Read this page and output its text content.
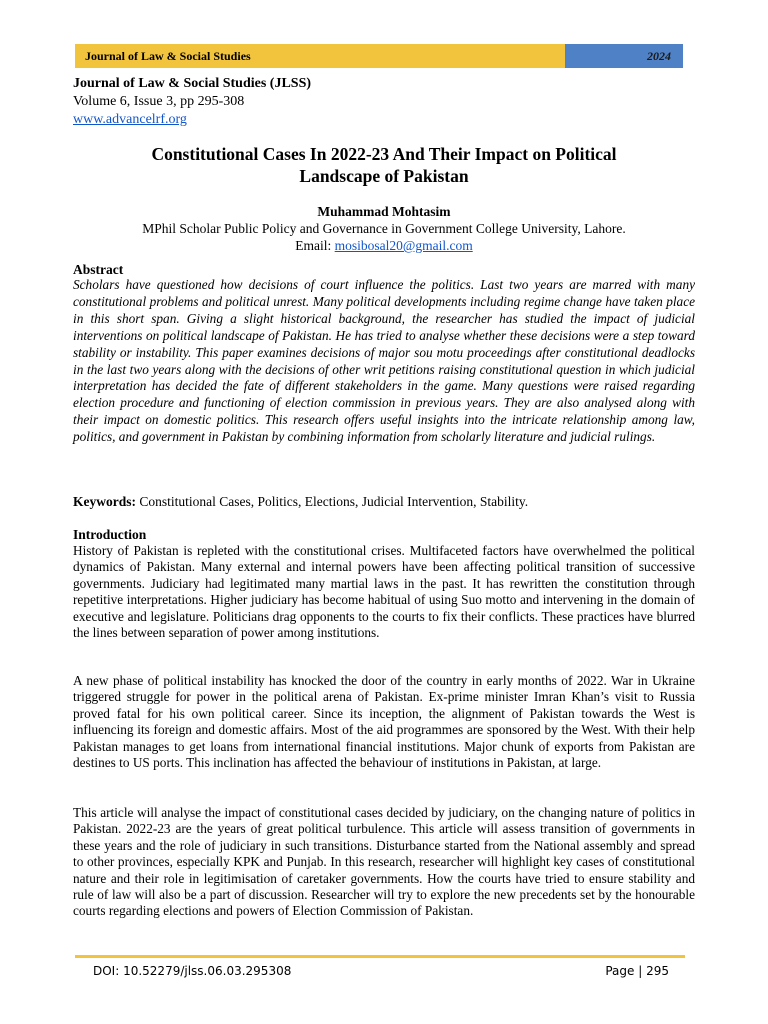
Journal of Law & Social Studies	2024
Journal of Law & Social Studies (JLSS)
Volume 6, Issue 3, pp 295-308
www.advancelrf.org
Constitutional Cases In 2022-23 And Their Impact on Political
Landscape of Pakistan
Muhammad Mohtasim
MPhil Scholar Public Policy and Governance in Government College University, Lahore.
Email: mosibosal20@gmail.com
Abstract
Scholars have questioned how decisions of court influence the politics. Last two years are marred with many constitutional problems and political unrest. Many political developments including regime change have taken place in this short span. Giving a slight historical background, the researcher has studied the impact of judicial interventions on political landscape of Pakistan. He has tried to analyse whether these decisions were a step toward stability or instability. This paper examines decisions of major sou motu proceedings after constitutional deadlocks in the last two years along with the decisions of other writ petitions raising constitutional question in which judicial interpretation has decided the fate of different stakeholders in the game. Many questions were raised regarding election procedure and functioning of election commission in previous years. They are also analysed along with their impact on domestic politics. This research offers useful insights into the intricate relationship among law, politics, and government in Pakistan by combining information from scholarly literature and judicial rulings.
Keywords: Constitutional Cases, Politics, Elections, Judicial Intervention, Stability.
Introduction
History of Pakistan is repleted with the constitutional crises. Multifaceted factors have overwhelmed the political dynamics of Pakistan. Many external and internal powers have been affecting political transition of successive governments. Judiciary had legitimated many martial laws in the past. It has rewritten the constitution through repetitive interpretations. Higher judiciary has become habitual of using Suo motto and intervening in the domain of executive and legislature. Politicians drag opponents to the courts to fix their conflicts. These practices have blurred the lines between separation of power among institutions.
A new phase of political instability has knocked the door of the country in early months of 2022. War in Ukraine triggered struggle for power in the political arena of Pakistan. Ex-prime minister Imran Khan’s visit to Russia proved fatal for his own political career. Since its inception, the alignment of Pakistan towards the West is influencing its foreign and domestic affairs. Most of the aid programmes are sponsored by the West. With their help Pakistan manages to get loans from international financial institutions. Major chunk of exports from Pakistan are destines to US ports. This inclination has affected the behaviour of institutions in Pakistan, at large.
This article will analyse the impact of constitutional cases decided by judiciary, on the changing nature of politics in Pakistan. 2022-23 are the years of great political turbulence. This article will assess transition of governments in these years and the role of judiciary in such transitions. Disturbance started from the National assembly and spread to other provinces, especially KPK and Punjab. In this research, researcher will highlight key cases of constitutional nature and their role in legitimisation of caretaker governments. How the courts have tried to ensure stability and rule of law will also be a part of discussion. Researcher will try to explore the new precedents set by the honourable courts regarding elections and powers of Election Commission of Pakistan.
DOI: 10.52279/jlss.06.03.295308	Page | 295
